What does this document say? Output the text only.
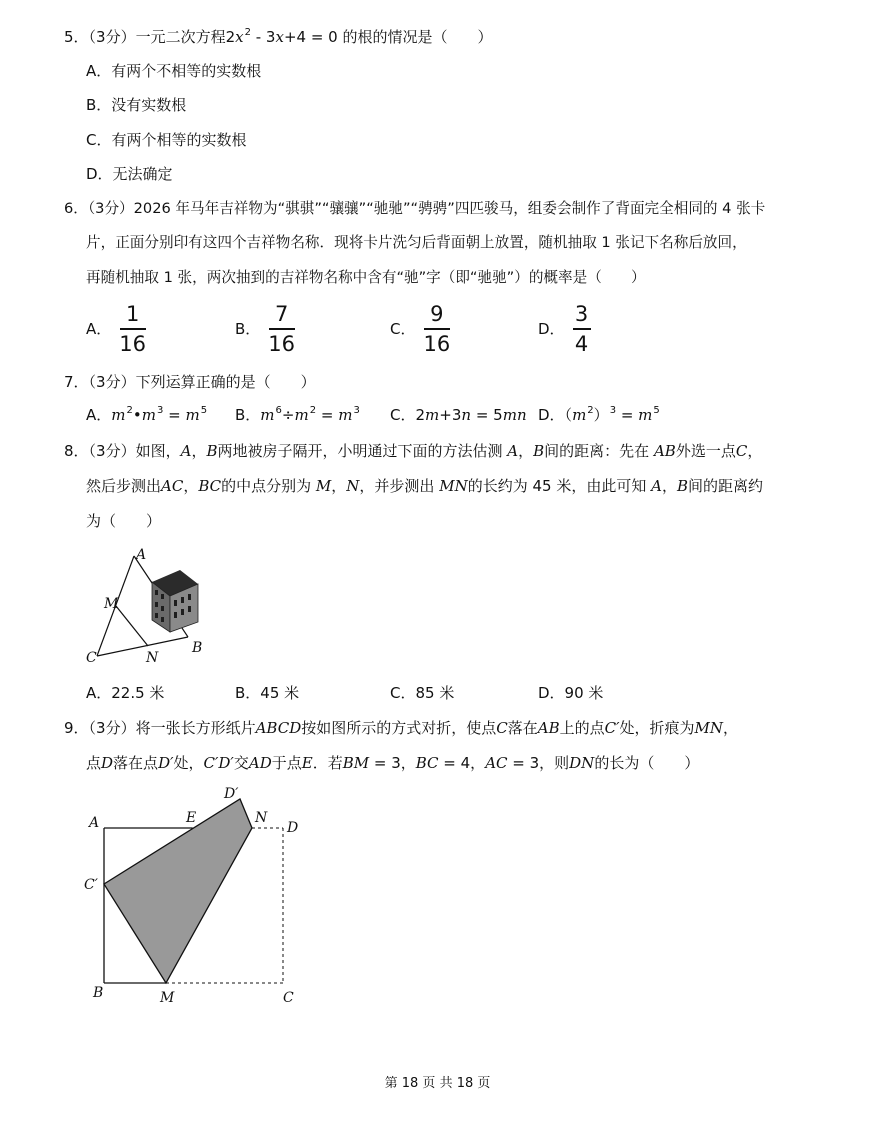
5．（3分）一元二次方程$2x^2 - 3x+4 = 0$ 的根的情况是（　　）
A．有两个不相等的实数根
B．没有实数根
C．有两个相等的实数根
D．无法确定
6．（3分）2026 年马年吉祥物为“骐骐”“骧骧”“驰驰”“骋骋”四匹骏马，组委会制作了背面完全相同的 4 张卡
片，正面分别印有这四个吉祥物名称．现将卡片洗匀后背面朝上放置，随机抽取 1 张记下名称后放回，
再随机抽取 1 张，两次抽到的吉祥物名称中含有“驰”字（即“驰驰”）的概率是（　　）
A．
1
16
B．
7
16
C．
9
16
D．
3
4
7．（3分）下列运算正确的是（　　）
A．$m^2•m^3 = m^5$ B．$m^6\div m^2 = m^3$ C．2m+3n = 5mn D．$(m^2)^3 = m^5$
8．（3分）如图，A，B两地被房子隔开，小明通过下面的方法估测 A，B间的距离：先在 AB外选一点C，
然后步测出AC，BC的中点分别为 M，N，并步测出 MN的长约为 45 米，由此可知 A，B间的距离约
为（　　）
A
M
C	N
B
A．22.5 米	B．45 米	C．85 米	D．90 米
9．（3分）将一张长方形纸片ABCD按如图所示的方式对折，使点C落在AB上的点C′处，折痕为MN，
点D落在点D′处，C′D′交AD于点E．若BM = 3，BC = 4，AC = 3，则DN的长为（　　）
A	E
D′
N
D
C′
B	M	C
第 18 页 共 18 页
